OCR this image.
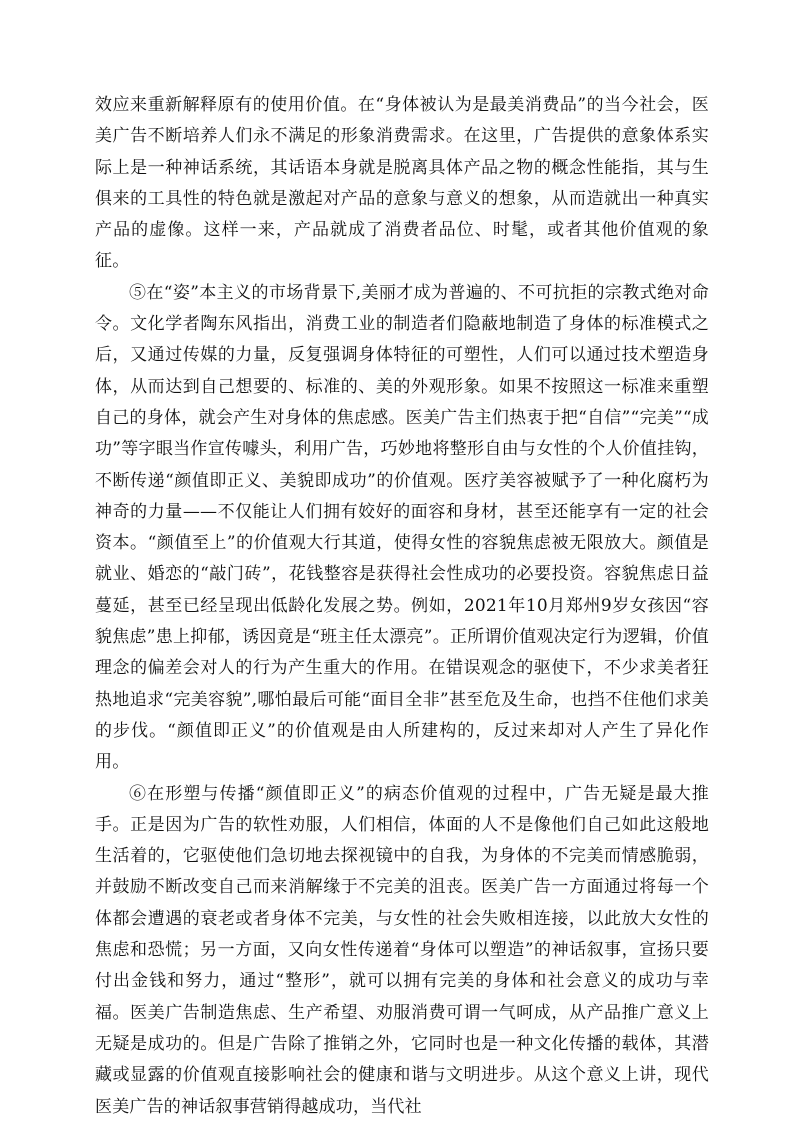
效应来重新解释原有的使用价值。在“身体被认为是最美消费品”的当今社会，医美广告不断培养人们永不满足的形象消费需求。在这里，广告提供的意象体系实际上是一种神话系统，其话语本身就是脱离具体产品之物的概念性能指，其与生俱来的工具性的特色就是激起对产品的意象与意义的想象，从而造就出一种真实产品的虚像。这样一来，产品就成了消费者品位、时髦，或者其他价值观的象征。

⑤在“姿”本主义的市场背景下,美丽才成为普遍的、不可抗拒的宗教式绝对命令。文化学者陶东风指出，消费工业的制造者们隐蔽地制造了身体的标准模式之后，又通过传媒的力量，反复强调身体特征的可塑性，人们可以通过技术塑造身体，从而达到自己想要的、标准的、美的外观形象。如果不按照这一标准来重塑自己的身体，就会产生对身体的焦虑感。医美广告主们热衷于把“自信”“完美”“成功”等字眼当作宣传噱头，利用广告，巧妙地将整形自由与女性的个人价值挂钩，不断传递“颜值即正义、美貌即成功”的价值观。医疗美容被赋予了一种化腐朽为神奇的力量——不仅能让人们拥有姣好的面容和身材，甚至还能享有一定的社会资本。“颜值至上”的价值观大行其道，使得女性的容貌焦虑被无限放大。颜值是就业、婚恋的“敲门砖”，花钱整容是获得社会性成功的必要投资。容貌焦虑日益蔓延，甚至已经呈现出低龄化发展之势。例如，2021年10月郑州9岁女孩因“容貌焦虑”患上抑郁，诱因竟是“班主任太漂亮”。正所谓价值观决定行为逻辑，价值理念的偏差会对人的行为产生重大的作用。在错误观念的驱使下，不少求美者狂热地追求“完美容貌”,哪怕最后可能“面目全非”甚至危及生命，也挡不住他们求美的步伐。“颜值即正义”的价值观是由人所建构的，反过来却对人产生了异化作用。

⑥在形塑与传播“颜值即正义”的病态价值观的过程中，广告无疑是最大推手。正是因为广告的软性劝服，人们相信，体面的人不是像他们自己如此这般地生活着的，它驱使他们急切地去探视镜中的自我，为身体的不完美而情感脆弱，并鼓励不断改变自己而来消解缘于不完美的沮丧。医美广告一方面通过将每一个体都会遭遇的衰老或者身体不完美，与女性的社会失败相连接，以此放大女性的焦虑和恐慌；另一方面，又向女性传递着“身体可以塑造”的神话叙事，宣扬只要付出金钱和努力，通过“整形”，就可以拥有完美的身体和社会意义的成功与幸福。医美广告制造焦虑、生产希望、劝服消费可谓一气呵成，从产品推广意义上无疑是成功的。但是广告除了推销之外，它同时也是一种文化传播的载体，其潜藏或显露的价值观直接影响社会的健康和谐与文明进步。从这个意义上讲，现代医美广告的神话叙事营销得越成功，当代社
